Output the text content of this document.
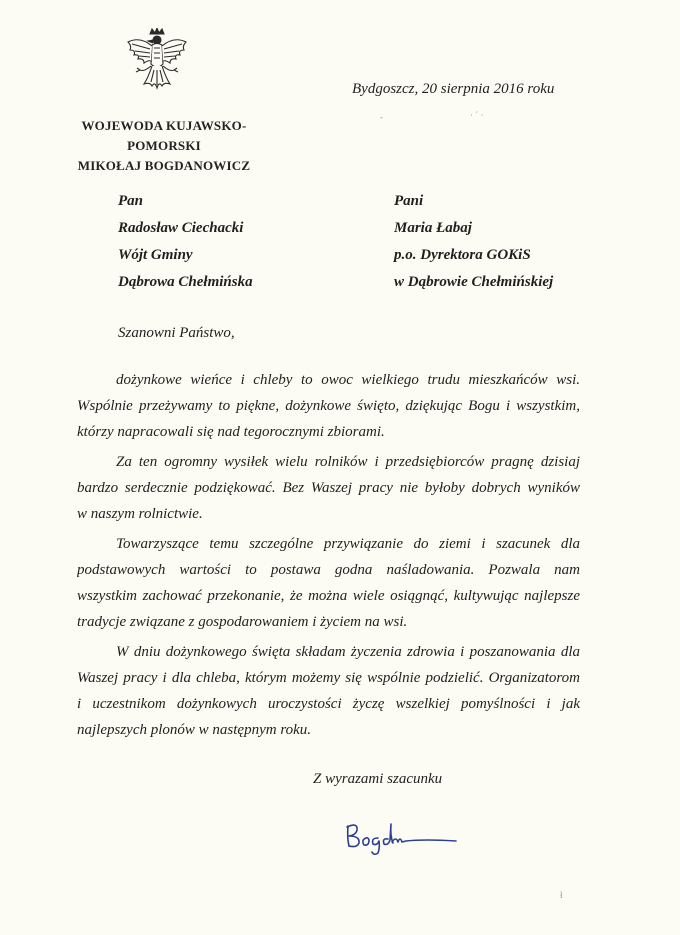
WOJEWODA KUJAWSKO-POMORSKI
MIKOŁAJ BOGDANOWICZ
Bydgoszcz, 20 sierpnia 2016 roku
Pan
Radosław Ciechacki
Wójt Gminy
Dąbrowa Chełmińska
Pani
Maria Łabaj
p.o. Dyrektora GOKiS
w Dąbrowie Chełmińskiej
Szanowni Państwo,
dożynkowe wieńce i chleby to owoc wielkiego trudu mieszkańców wsi.
Wspólnie przeżywamy to piękne, dożynkowe święto, dziękując Bogu i wszystkim,
którzy napracowali się nad tegorocznymi zbiorami.
Za ten ogromny wysiłek wielu rolników i przedsiębiorców pragnę dzisiaj
bardzo serdecznie podziękować. Bez Waszej pracy nie byłoby dobrych wyników
w naszym rolnictwie.
Towarzyszące temu szczególne przywiązanie do ziemi i szacunek dla
podstawowych wartości to postawa godna naśladowania. Pozwala nam
wszystkim zachować przekonanie, że można wiele osiągnąć, kultywując najlepsze
tradycje związane z gospodarowaniem i życiem na wsi.
W dniu dożynkowego święta składam życzenia zdrowia i poszanowania dla
Waszej pracy i dla chleba, którym możemy się wspólnie podzielić. Organizatorom
i uczestnikom dożynkowych uroczystości życzę wszelkiej pomyślności i jak
najlepszych plonów w następnym roku.
Z wyrazami szacunku
-	· ´ ·
ł
